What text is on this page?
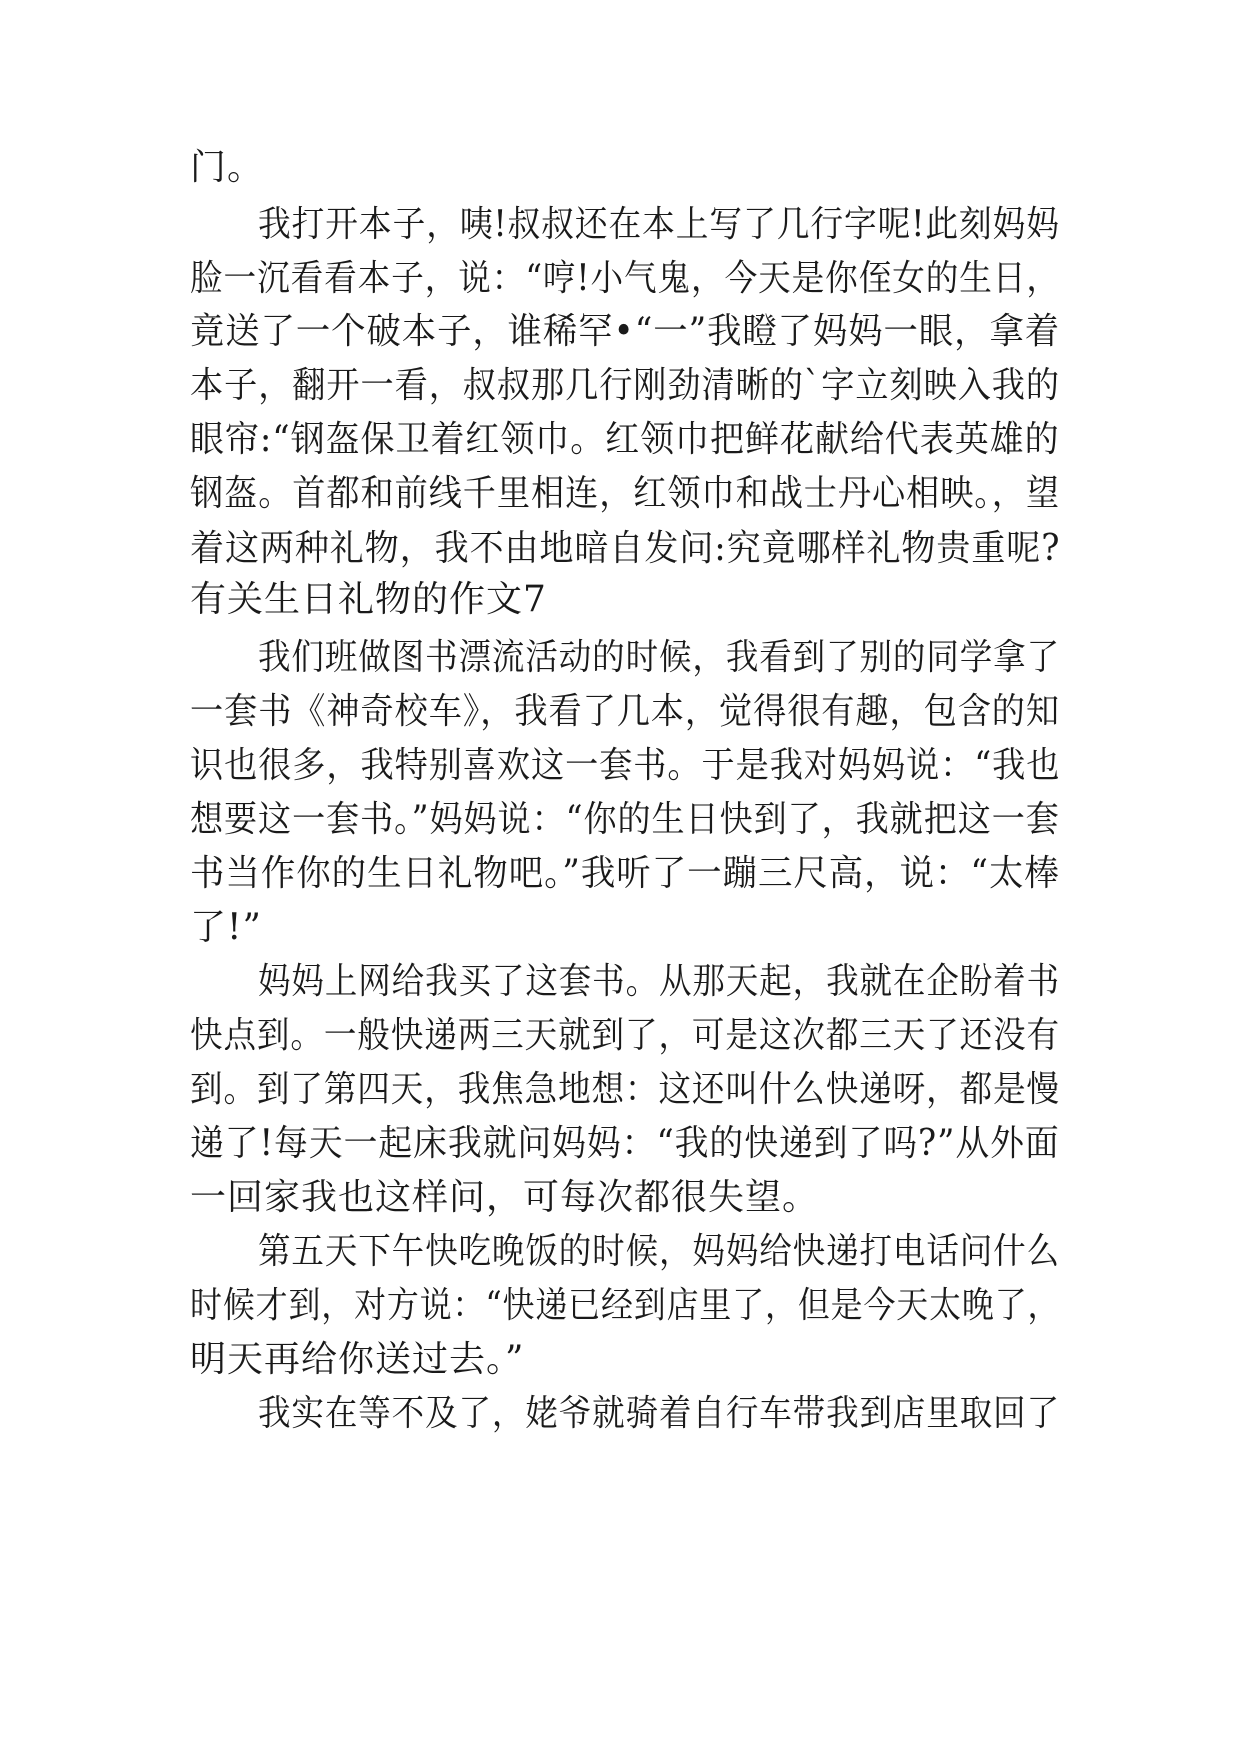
门。
我打开本子，咦!叔叔还在本上写了几行字呢!此刻妈妈
脸一沉看看本子，说：“哼!小气鬼，今天是你侄女的生日，
竟送了一个破本子，谁稀罕•“一”我瞪了妈妈一眼，拿着
本子，翻开一看，叔叔那几行刚劲清晰的`字立刻映入我的
眼帘:“钢盔保卫着红领巾。红领巾把鲜花献给代表英雄的
钢盔。首都和前线千里相连，红领巾和战士丹心相映。，望
着这两种礼物，我不由地暗自发问:究竟哪样礼物贵重呢?
有关生日礼物的作文7
我们班做图书漂流活动的时候，我看到了别的同学拿了
一套书《神奇校车》，我看了几本，觉得很有趣，包含的知
识也很多，我特别喜欢这一套书。于是我对妈妈说：“我也
想要这一套书。”妈妈说：“你的生日快到了，我就把这一套
书当作你的生日礼物吧。”我听了一蹦三尺高，说：“太棒
了!”
妈妈上网给我买了这套书。从那天起，我就在企盼着书
快点到。一般快递两三天就到了，可是这次都三天了还没有
到。到了第四天，我焦急地想：这还叫什么快递呀，都是慢
递了!每天一起床我就问妈妈：“我的快递到了吗?”从外面
一回家我也这样问，可每次都很失望。
第五天下午快吃晚饭的时候，妈妈给快递打电话问什么
时候才到，对方说：“快递已经到店里了，但是今天太晚了，
明天再给你送过去。”
我实在等不及了，姥爷就骑着自行车带我到店里取回了
